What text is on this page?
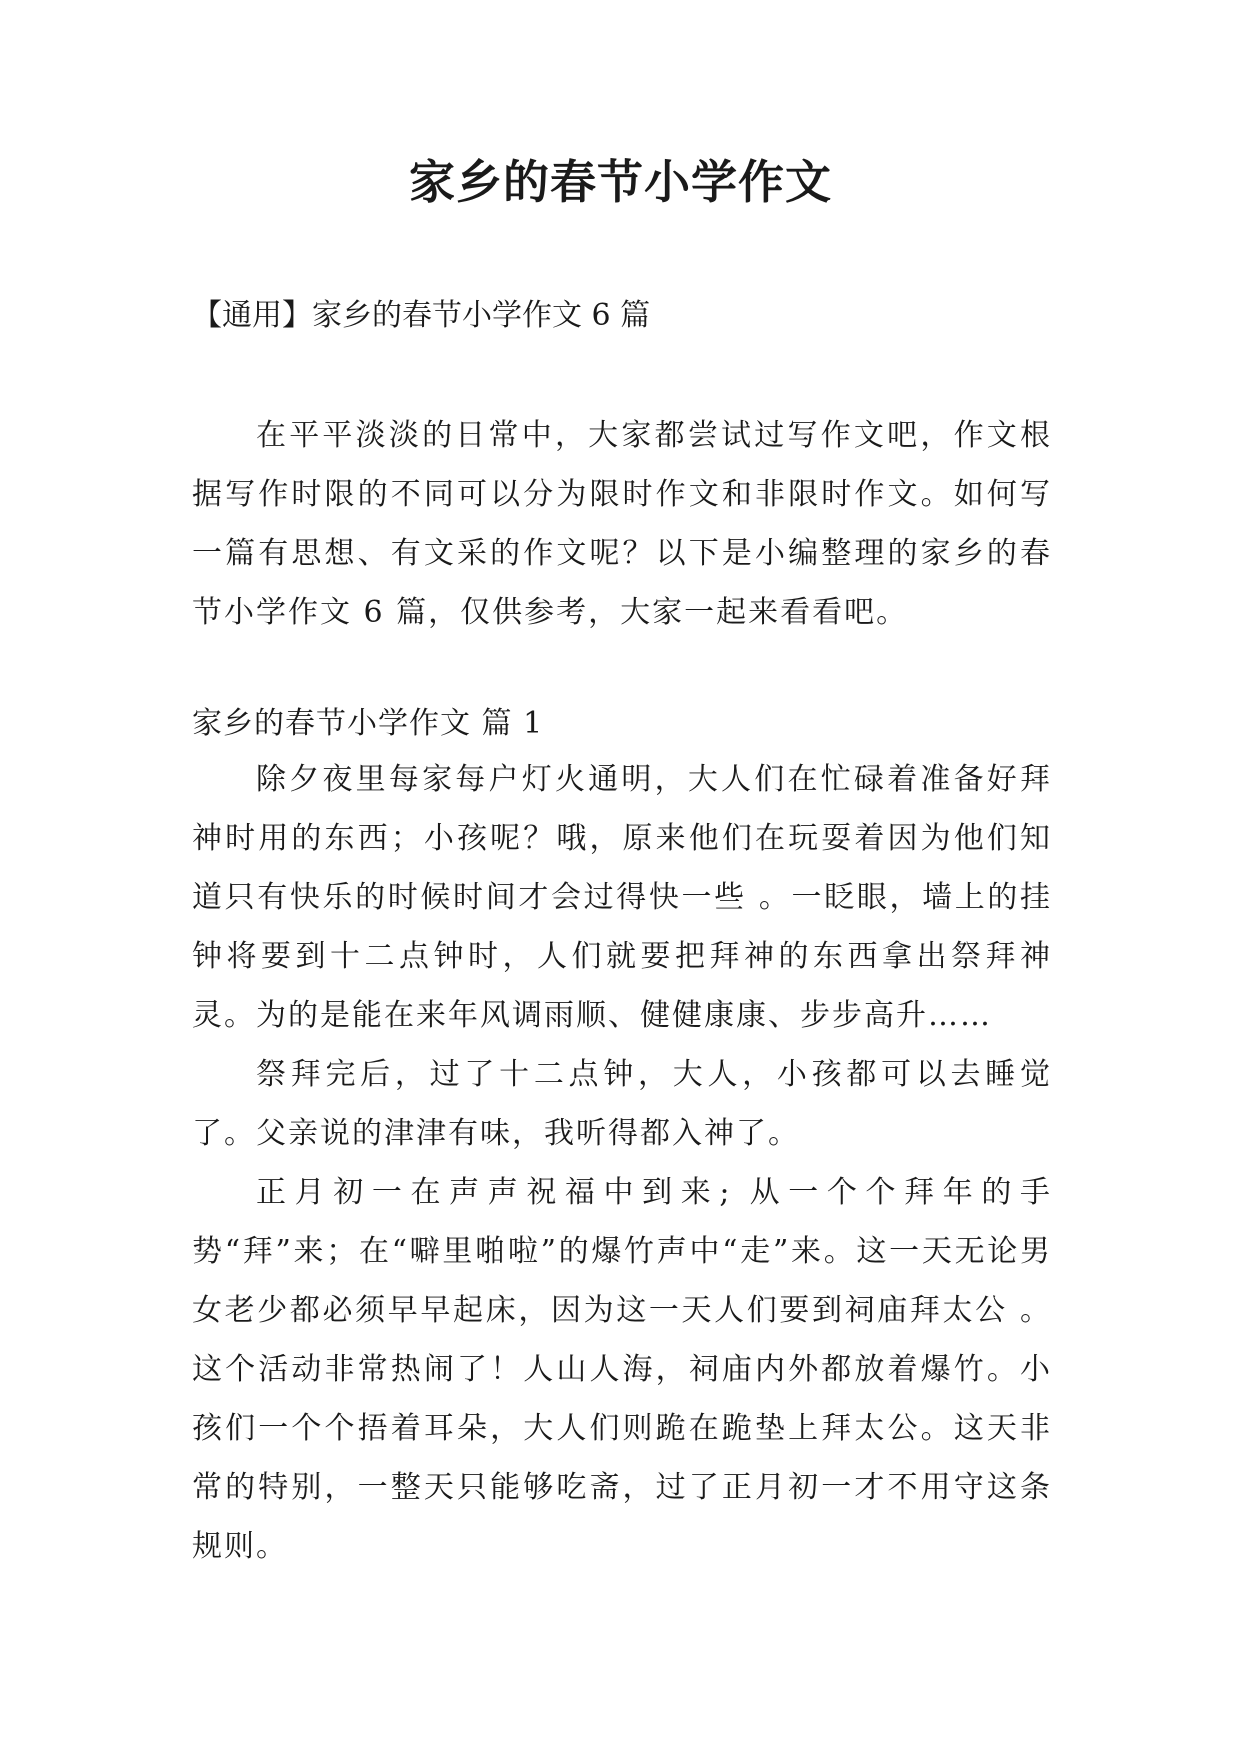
家乡的春节小学作文

【通用】家乡的春节小学作文 6 篇

在平平淡淡的日常中，大家都尝试过写作文吧，作文根据写作时限的不同可以分为限时作文和非限时作文。如何写一篇有思想、有文采的作文呢？以下是小编整理的家乡的春节小学作文 6 篇，仅供参考，大家一起来看看吧。

家乡的春节小学作文 篇 1

除夕夜里每家每户灯火通明，大人们在忙碌着准备好拜神时用的东西；小孩呢？哦，原来他们在玩耍着因为他们知道只有快乐的时候时间才会过得快一些 。一眨眼，墙上的挂钟将要到十二点钟时，人们就要把拜神的东西拿出祭拜神灵。为的是能在来年风调雨顺、健健康康、步步高升……

祭拜完后，过了十二点钟，大人，小孩都可以去睡觉了。 父亲说的津津有味，我听得都入神了。

正月初一在声声祝福中到来; 从一个个拜年的手势“拜”来；在“噼里啪啦”的爆竹声中“走”来。这一天无论男女老少都必须早早起床，因为这一天人们要到祠庙拜太公 。这个活动非常热闹了！人山人海，祠庙内外都放着爆竹。小孩们一个个捂着耳朵，大人们则跪在跪垫上拜太公。这天非常的特别，一整天只能够吃斋，过了正月初一才不用守这条规则。
